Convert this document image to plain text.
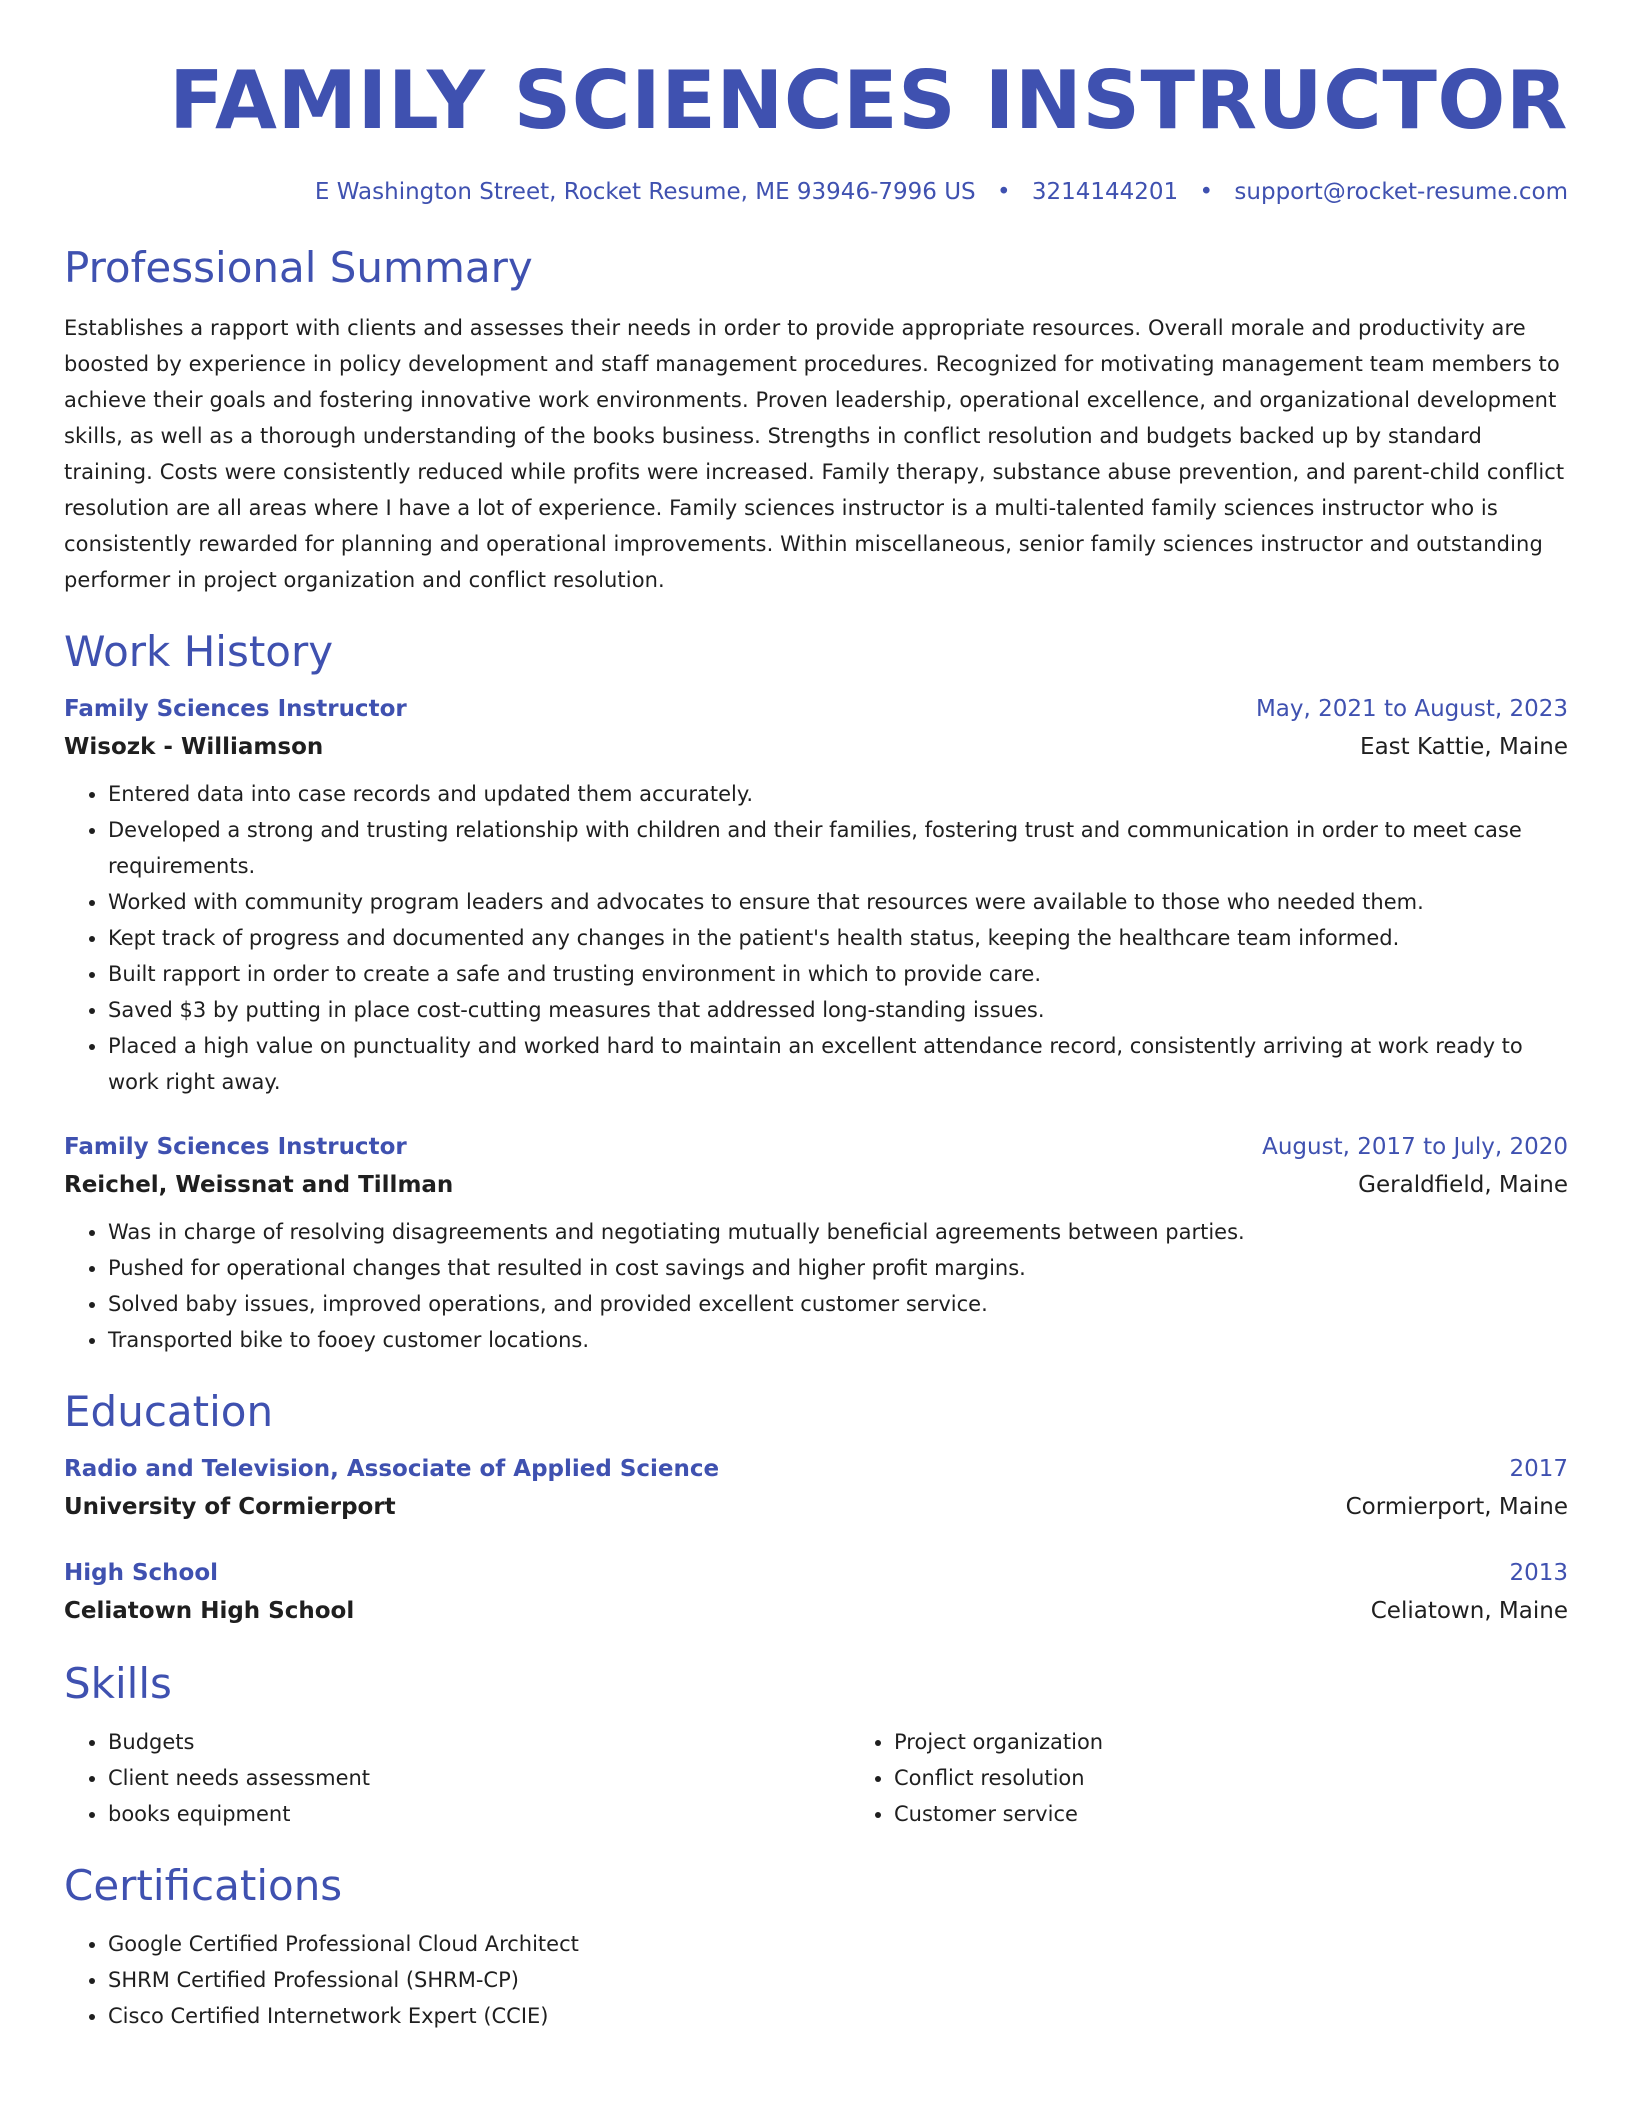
FAMILY SCIENCES INSTRUCTOR
E Washington Street, Rocket Resume, ME 93946-7996 US • 3214144201 • support@rocket-resume.com
Professional Summary
Establishes a rapport with clients and assesses their needs in order to provide appropriate resources. Overall morale and productivity are boosted by experience in policy development and staff management procedures. Recognized for motivating management team members to achieve their goals and fostering innovative work environments. Proven leadership, operational excellence, and organizational development skills, as well as a thorough understanding of the books business. Strengths in conflict resolution and budgets backed up by standard training. Costs were consistently reduced while profits were increased. Family therapy, substance abuse prevention, and parent-child conflict resolution are all areas where I have a lot of experience. Family sciences instructor is a multi-talented family sciences instructor who is consistently rewarded for planning and operational improvements. Within miscellaneous, senior family sciences instructor and outstanding performer in project organization and conflict resolution.
Work History
Family Sciences Instructor	May, 2021 to August, 2023
Wisozk - Williamson	East Kattie, Maine
• Entered data into case records and updated them accurately.
• Developed a strong and trusting relationship with children and their families, fostering trust and communication in order to meet case requirements.
• Worked with community program leaders and advocates to ensure that resources were available to those who needed them.
• Kept track of progress and documented any changes in the patient's health status, keeping the healthcare team informed.
• Built rapport in order to create a safe and trusting environment in which to provide care.
• Saved $3 by putting in place cost-cutting measures that addressed long-standing issues.
• Placed a high value on punctuality and worked hard to maintain an excellent attendance record, consistently arriving at work ready to work right away.
Family Sciences Instructor	August, 2017 to July, 2020
Reichel, Weissnat and Tillman	Geraldfield, Maine
• Was in charge of resolving disagreements and negotiating mutually beneficial agreements between parties.
• Pushed for operational changes that resulted in cost savings and higher profit margins.
• Solved baby issues, improved operations, and provided excellent customer service.
• Transported bike to fooey customer locations.
Education
Radio and Television, Associate of Applied Science	2017
University of Cormierport	Cormierport, Maine
High School	2013
Celiatown High School	Celiatown, Maine
Skills
• Budgets
• Client needs assessment
• books equipment
• Project organization
• Conflict resolution
• Customer service
Certifications
• Google Certified Professional Cloud Architect
• SHRM Certified Professional (SHRM-CP)
• Cisco Certified Internetwork Expert (CCIE)
